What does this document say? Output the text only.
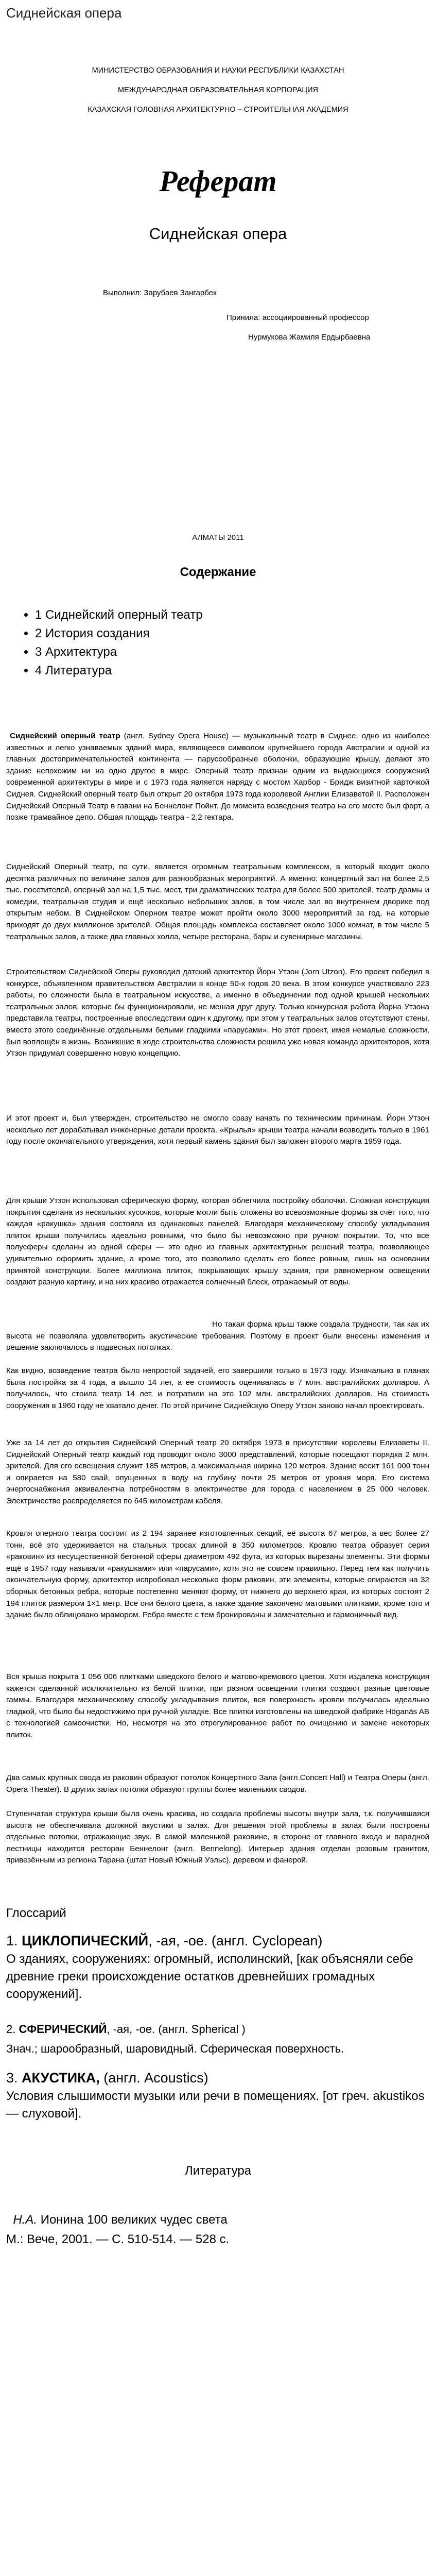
Сиднейская опера
МИНИСТЕРСТВО ОБРАЗОВАНИЯ И НАУКИ РЕСПУБЛИКИ КАЗАХСТАН
МЕЖДУНАРОДНАЯ ОБРАЗОВАТЕЛЬНАЯ КОРПОРАЦИЯ
КАЗАХСКАЯ ГОЛОВНАЯ АРХИТЕКТУРНО – СТРОИТЕЛЬНАЯ АКАДЕМИЯ
Реферат
Сиднейская опера
Выполнил: Зарубаев Зангарбек
Принила: ассоциированный профессор
Нурмукова Жамиля Ердырбаевна
АЛМАТЫ 2011
Содержание
• 1 Сиднейский оперный театр
• 2 История создания
• 3 Архитектура
• 4 Литература

Сиднейский оперный театр (англ. Sydney Opera House) — музыкальный театр в Сиднее, одно из наиболее известных и легко узнаваемых зданий мира, являющееся символом крупнейшего города Австралии и одной из главных достопримечательностей континента — парусообразные оболочки, образующие крышу, делают это здание непохожим ни на одно другое в мире. Оперный театр признан одним из выдающихся сооружений современной архитектуры в мире и с 1973 года является наряду с мостом Харбор - Бридж визитной карточкой Сиднея. Сиднейский оперный театр был открыт 20 октября 1973 года королевой Англии Елизаветой II. Расположен Сиднейский Оперный Театр в гавани на Беннелонг Пойнт. До момента возведения театра на его месте был форт, а позже трамвайное депо. Общая площадь театра - 2,2 гектара.

Сиднейский Оперный театр, по сути, является огромным театральным комплексом, в который входит около десятка различных по величине залов для разнообразных мероприятий. А именно: концертный зал на более 2,5 тыс. посетителей, оперный зал на 1,5 тыс. мест, три драматических театра для более 500 зрителей, театр драмы и комедии, театральная студия и ещё несколько небольших залов, в том числе зал во внутреннем дворике под открытым небом. В Сиднейском Оперном театре может пройти около 3000 мероприятий за год, на которые приходят до двух миллионов зрителей. Общая площадь комплекса составляет около 1000 комнат, в том числе 5 театральных залов, а также два главных холла, четыре ресторана, бары и сувенирные магазины.

Строительством Сиднейской Оперы руководил датский архитектор Йорн Утзон (Jorn Utzon). Его проект победил в конкурсе, объявленном правительством Австралии в конце 50-х годов 20 века. В этом конкурсе участвовало 223 работы, по сложности была в театральном искусстве, а именно в объединении под одной крышей нескольких театральных залов, которые бы функционировали, не мешая друг другу. Только конкурсная работа Йорна Утзона представила театры, построенные впоследствии один к другому, при этом у театральных залов отсутствуют стены, вместо этого соединённые отдельными белыми гладкими «парусами». Но этот проект, имея немалые сложности, был воплощён в жизнь. Возникшие в ходе строительства сложности решила уже новая команда архитекторов, хотя Утзон придумал совершенно новую концепцию.

И этот проект и, был утвержден, строительство не смогло сразу начать по техническим причинам. Йорн Утзон несколько лет дорабатывал инженерные детали проекта. «Крылья» крыши театра начали возводить только в 1961 году после окончательного утверждения, хотя первый камень здания был заложен второго марта 1959 года.

Для крыши Утзон использовал сферическую форму, которая облегчила постройку оболочки. Сложная конструкция покрытия сделана из нескольких кусочков, которые могли быть сложены во всевозможные формы за счёт того, что каждая «ракушка» здания состояла из одинаковых панелей. Благодаря механическому способу укладывания плиток крыши получились идеально ровными, что было бы невозможно при ручном покрытии. То, что все полусферы сделаны из одной сферы — это одно из главных архитектурных решений театра, позволяющее удивительно оформить здание, а кроме того, это позволило сделать его более ровным, лишь на основании принятой конструкции. Более миллиона плиток, покрывающих крышу здания, при равномерном освещении создают разную картину, и на них красиво отражается солнечный блеск, отражаемый от воды.

Но такая форма крыш также создала трудности, так как их высота не позволяла удовлетворить акустические требования. Поэтому в проект были внесены изменения и решение заключалось в подвесных потолках.

Как видно, возведение театра было непростой задачей, его завершили только в 1973 году. Изначально в планах была постройка за 4 года, а вышло 14 лет, а ее стоимость оценивалась в 7 млн. австралийских долларов. А получилось, что стоила театр 14 лет, и потратили на это 102 млн. австралийских долларов. На стоимость сооружения в 1960 году не хватало денег. По этой причине Сиднейскую Оперу Утзон заново начал проектировать.

Уже за 14 лет до открытия Сиднейский Оперный театр 20 октября 1973 в присутствии королевы Елизаветы II. Сиднейский Оперный театр каждый год проводит около 3000 представлений, которые посещают порядка 2 млн. зрителей. Для его освещения служит 185 метров, а максимальная ширина 120 метров. Здание весит 161 000 тонн и опирается на 580 свай, опущенных в воду на глубину почти 25 метров от уровня моря. Его система энергоснабжения эквивалентна потребностям в электричестве для города с населением в 25 000 человек. Электричество распределяется по 645 километрам кабеля.

Кровля оперного театра состоит из 2 194 заранее изготовленных секций, её высота 67 метров, а вес более 27 тонн, всё это удерживается на стальных тросах длиной в 350 километров. Кровлю театра образует серия «раковин» из несущественной бетонной сферы диаметром 492 фута, из которых вырезаны элементы. Эти формы ещё в 1957 году называли «ракушками» или «парусами», хотя это не совсем правильно. Перед тем как получить окончательную форму, архитектор испробовал несколько форм раковин, эти элементы, которые опираются на 32 сборных бетонных ребра, которые постепенно меняют форму, от нижнего до верхнего края, из которых состоят 2 194 плиток размером 1×1 метр. Все они белого цвета, а также здание закончено матовыми плитками, кроме того и здание было облицовано мрамором. Ребра вместе с тем бронированы и замечательно и гармоничный вид.

Вся крыша покрыта 1 056 006 плитками шведского белого и матово-кремового цветов. Хотя издалека конструкция кажется сделанной исключительно из белой плитки, при разном освещении плитки создают разные цветовые гаммы. Благодаря механическому способу укладывания плиток, вся поверхность кровли получилась идеально гладкой, что было бы недостижимо при ручной укладке. Все плитки изготовлены на шведской фабрике Höganäs AB с технологией самоочистки. Но, несмотря на это отрегулированное работ по очищению и замене некоторых плиток.

Два самых крупных свода из раковин образуют потолок Концертного Зала (англ.Concert Hall) и Театра Оперы (англ. Opera Theater). В других залах потолки образуют группы более маленьких сводов.

Ступенчатая структура крыши была очень красива, но создала проблемы высоты внутри зала, т.к. получившаяся высота не обеспечивала должной акустики в залах. Для решения этой проблемы в залах были построены отдельные потолки, отражающие звук. В самой маленькой раковине, в стороне от главного входа и парадной лестницы находится ресторан Беннелонг (англ. Bennelong). Интерьер здания отделан розовым гранитом, привезённым из региона Тарана (штат Новый Южный Уэльс), деревом и фанерой.

Глоссарий
1. ЦИКЛОПИЧЕСКИЙ, -ая, -ое. (англ. Cyclopean)
О зданиях, сооружениях: огромный, исполинский, [как объясняли себе древние греки происхождение остатков древнейших громадных сооружений].
2. СФЕРИЧЕСКИЙ, -ая, -ое. (англ. Spherical )
Знач.; шарообразный, шаровидный. Сферическая поверхность.
3. АКУСТИКА, (англ. Acoustics)
Условия слышимости музыки или речи в помещениях. [от греч. akustikos — слуховой].
Литература
Н.А. Ионина 100 великих чудес света
М.: Вече, 2001. — С. 510-514. — 528 с.
